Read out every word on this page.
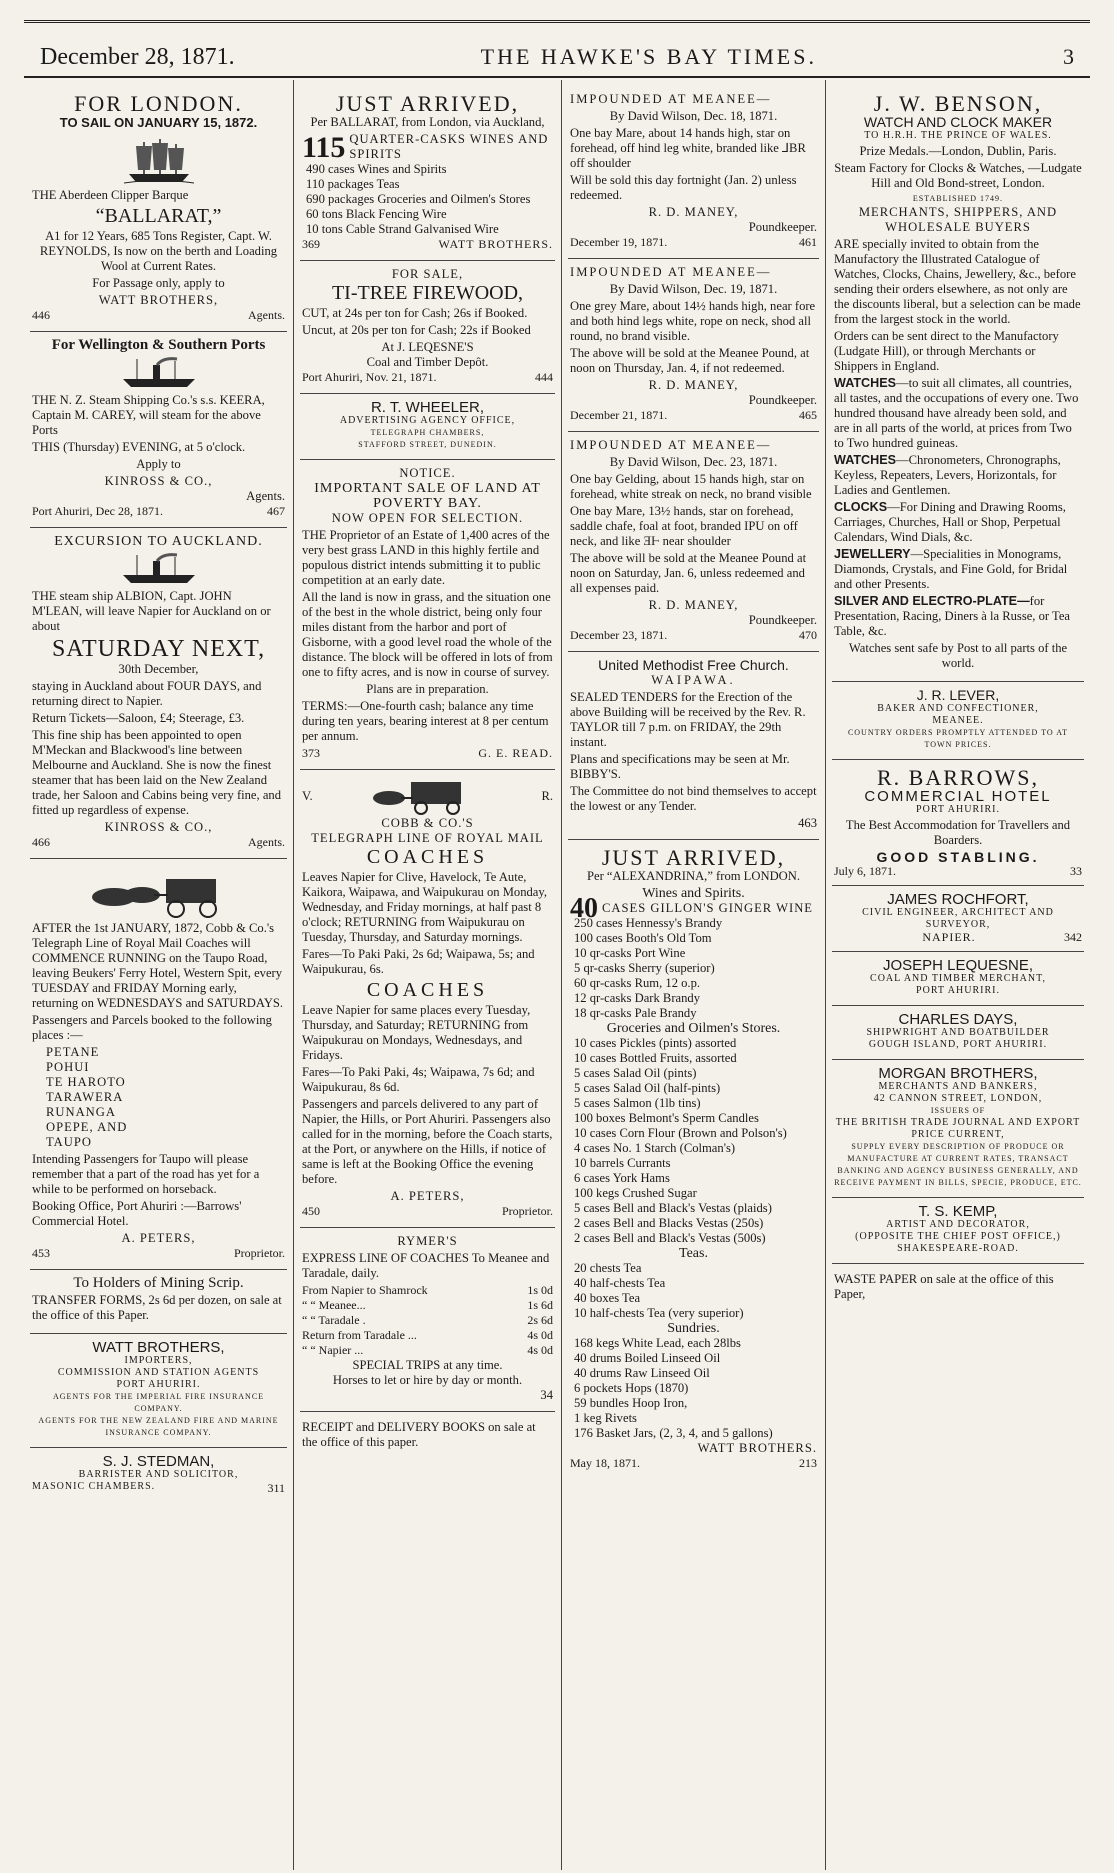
December 28, 1871.	THE HAWKE'S BAY TIMES.	3
FOR LONDON.
TO SAIL ON JANUARY 15, 1872.

THE Aberdeen Clipper Barque

“BALLARAT,”

A1 for 12 Years, 685 Tons Register, Capt. W. REYNOLDS, Is now on the berth and Loading Wool at Current Rates.

For Passage only, apply to

WATT BROTHERS,
446	Agents.
For Wellington & Southern Ports

THE N. Z. Steam Shipping Co.'s s.s. KEERA, Captain M. CAREY, will steam for the above Ports

THIS (Thursday) EVENING, at 5 o'clock.

Apply to

KINROSS & CO.,
Agents.
Port Ahuriri, Dec 28, 1871.	467
EXCURSION TO AUCKLAND.

THE steam ship ALBION, Capt. JOHN M'LEAN, will leave Napier for Auckland on or about

SATURDAY NEXT,
30th December,

staying in Auckland about FOUR DAYS, and returning direct to Napier.

Return Tickets—Saloon, £4; Steerage, £3.

This fine ship has been appointed to open M'Meckan and Blackwood's line between Melbourne and Auckland. She is now the finest steamer that has been laid on the New Zealand trade, her Saloon and Cabins being very fine, and fitted up regardless of expense.

KINROSS & CO.,
466	Agents.

AFTER the 1st JANUARY, 1872, Cobb & Co.'s Telegraph Line of Royal Mail Coaches will COMMENCE RUNNING on the Taupo Road, leaving Beukers' Ferry Hotel, Western Spit, every TUESDAY and FRIDAY Morning early, returning on WEDNESDAYS and SATURDAYS.

Passengers and Parcels booked to the following places :—

PETANE
POHUI
TE HAROTO
TARAWERA
RUNANGA
OPEPE, AND
TAUPO

Intending Passengers for Taupo will please remember that a part of the road has yet for a while to be performed on horseback.

Booking Office, Port Ahuriri :—Barrows' Commercial Hotel.

A. PETERS,
453	Proprietor.
To Holders of Mining Scrip.

TRANSFER FORMS, 2s 6d per dozen, on sale at the office of this Paper.

WATT BROTHERS,
IMPORTERS,
COMMISSION AND STATION AGENTS
PORT AHURIRI.
AGENTS FOR THE IMPERIAL FIRE INSURANCE COMPANY.
AGENTS FOR THE NEW ZEALAND FIRE AND MARINE INSURANCE COMPANY.
S. J. STEDMAN,
BARRISTER AND SOLICITOR,
MASONIC CHAMBERS.	311
JUST ARRIVED,

Per BALLARAT, from London, via Auckland,

115 QUARTER-CASKS WINES AND SPIRITS
490 cases Wines and Spirits
110 packages Teas
690 packages Groceries and Oilmen's Stores
60 tons Black Fencing Wire
10 tons Cable Strand Galvanised Wire
369	WATT BROTHERS.
FOR SALE,
TI-TREE FIREWOOD,

CUT, at 24s per ton for Cash; 26s if Booked.

Uncut, at 20s per ton for Cash; 22s if Booked

At J. LEQESNE'S
Coal and Timber Depôt.
Port Ahuriri, Nov. 21, 1871.	444
R. T. WHEELER,
ADVERTISING AGENCY OFFICE,
TELEGRAPH CHAMBERS,
STAFFORD STREET, DUNEDIN.
NOTICE.
IMPORTANT SALE OF LAND AT POVERTY BAY.
NOW OPEN FOR SELECTION.

THE Proprietor of an Estate of 1,400 acres of the very best grass LAND in this highly fertile and populous district intends submitting it to public competition at an early date.

All the land is now in grass, and the situation one of the best in the whole district, being only four miles distant from the harbor and port of Gisborne, with a good level road the whole of the distance. The block will be offered in lots of from one to fifty acres, and is now in course of survey.

Plans are in preparation.

TERMS:—One-fourth cash; balance any time during ten years, bearing interest at 8 per centum per annum.

373	G. E. READ.
V.	R.
COBB & CO.'S
TELEGRAPH LINE OF ROYAL MAIL
COACHES

Leaves Napier for Clive, Havelock, Te Aute, Kaikora, Waipawa, and Waipukurau on Monday, Wednesday, and Friday mornings, at half past 8 o'clock; RETURNING from Waipukurau on Tuesday, Thursday, and Saturday mornings.

Fares—To Paki Paki, 2s 6d; Waipawa, 5s; and Waipukurau, 6s.

COACHES

Leave Napier for same places every Tuesday, Thursday, and Saturday; RETURNING from Waipukurau on Mondays, Wednesdays, and Fridays.

Fares—To Paki Paki, 4s; Waipawa, 7s 6d; and Waipukurau, 8s 6d.

Passengers and parcels delivered to any part of Napier, the Hills, or Port Ahuriri. Passengers also called for in the morning, before the Coach starts, at the Port, or anywhere on the Hills, if notice of same is left at the Booking Office the evening before.

A. PETERS,
450	Proprietor.
RYMER'S

EXPRESS LINE OF COACHES To Meanee and Taradale, daily.

From Napier to Shamrock	1s 0d
“ “ Meanee...	1s 6d
“ “ Taradale .	2s 6d
Return from Taradale ...	4s 0d
“ “ Napier ...	4s 0d
SPECIAL TRIPS at any time.
Horses to let or hire by day or month.
34

RECEIPT and DELIVERY BOOKS on sale at the office of this paper.

IMPOUNDED AT MEANEE—

By David Wilson, Dec. 18, 1871.

One bay Mare, about 14 hands high, star on forehead, off hind leg white, branded like ⅃BR off shoulder

Will be sold this day fortnight (Jan. 2) unless redeemed.

R. D. MANEY,
Poundkeeper.
December 19, 1871.	461
IMPOUNDED AT MEANEE—

By David Wilson, Dec. 19, 1871.

One grey Mare, about 14½ hands high, near fore and both hind legs white, rope on neck, shod all round, no brand visible.

The above will be sold at the Meanee Pound, at noon on Thursday, Jan. 4, if not redeemed.

R. D. MANEY,
Poundkeeper.
December 21, 1871.	465
IMPOUNDED AT MEANEE—

By David Wilson, Dec. 23, 1871.

One bay Gelding, about 15 hands high, star on forehead, white streak on neck, no brand visible

One bay Mare, 13½ hands, star on forehead, saddle chafe, foal at foot, branded IPU on off neck, and like ƎⱵ near shoulder

The above will be sold at the Meanee Pound at noon on Saturday, Jan. 6, unless redeemed and all expenses paid.

R. D. MANEY,
Poundkeeper.
December 23, 1871.	470
United Methodist Free Church.
WAIPAWA.

SEALED TENDERS for the Erection of the above Building will be received by the Rev. R. TAYLOR till 7 p.m. on FRIDAY, the 29th instant.

Plans and specifications may be seen at Mr. BIBBY'S.

The Committee do not bind themselves to accept the lowest or any Tender.

463
JUST ARRIVED,

Per “ALEXANDRINA,” from LONDON.

Wines and Spirits.
40 CASES GILLON'S GINGER WINE
250 cases Hennessy's Brandy
100 cases Booth's Old Tom
10 qr-casks Port Wine
5 qr-casks Sherry (superior)
60 qr-casks Rum, 12 o.p.
12 qr-casks Dark Brandy
18 qr-casks Pale Brandy
Groceries and Oilmen's Stores.
10 cases Pickles (pints) assorted
10 cases Bottled Fruits, assorted
5 cases Salad Oil (pints)
5 cases Salad Oil (half-pints)
5 cases Salmon (1lb tins)
100 boxes Belmont's Sperm Candles
10 cases Corn Flour (Brown and Polson's)
4 cases No. 1 Starch (Colman's)
10 barrels Currants
6 cases York Hams
100 kegs Crushed Sugar
5 cases Bell and Black's Vestas (plaids)
2 cases Bell and Blacks Vestas (250s)
2 cases Bell and Black's Vestas (500s)
Teas.
20 chests Tea
40 half-chests Tea
40 boxes Tea
10 half-chests Tea (very superior)
Sundries.
168 kegs White Lead, each 28lbs
40 drums Boiled Linseed Oil
40 drums Raw Linseed Oil
6 pockets Hops (1870)
59 bundles Hoop Iron,
1 keg Rivets
176 Basket Jars, (2, 3, 4, and 5 gallons)
WATT BROTHERS.
May 18, 1871.	213
J. W. BENSON,
WATCH AND CLOCK MAKER
TO H.R.H. THE PRINCE OF WALES.

Prize Medals.—London, Dublin, Paris.

Steam Factory for Clocks & Watches, —Ludgate Hill and Old Bond-street, London.

ESTABLISHED 1749.
MERCHANTS, SHIPPERS, AND WHOLESALE BUYERS

ARE specially invited to obtain from the Manufactory the Illustrated Catalogue of Watches, Clocks, Chains, Jewellery, &c., before sending their orders elsewhere, as not only are the discounts liberal, but a selection can be made from the largest stock in the world.

Orders can be sent direct to the Manufactory (Ludgate Hill), or through Merchants or Shippers in England.

WATCHES—to suit all climates, all countries, all tastes, and the occupations of every one. Two hundred thousand have already been sold, and are in all parts of the world, at prices from Two to Two hundred guineas.

WATCHES—Chronometers, Chronographs, Keyless, Repeaters, Levers, Horizontals, for Ladies and Gentlemen.

CLOCKS—For Dining and Drawing Rooms, Carriages, Churches, Hall or Shop, Perpetual Calendars, Wind Dials, &c.

JEWELLERY—Specialities in Monograms, Diamonds, Crystals, and Fine Gold, for Bridal and other Presents.

SILVER AND ELECTRO-PLATE—for Presentation, Racing, Diners à la Russe, or Tea Table, &c.

Watches sent safe by Post to all parts of the world.

J. R. LEVER,
BAKER AND CONFECTIONER,
MEANEE.
COUNTRY ORDERS PROMPTLY ATTENDED TO AT TOWN PRICES.
R. BARROWS,
COMMERCIAL HOTEL
PORT AHURIRI.

The Best Accommodation for Travellers and Boarders.

GOOD STABLING.
July 6, 1871.	33
JAMES ROCHFORT,
CIVIL ENGINEER, ARCHITECT AND SURVEYOR,
NAPIER.	342
JOSEPH LEQUESNE,
COAL AND TIMBER MERCHANT,
PORT AHURIRI.
CHARLES DAYS,
SHIPWRIGHT AND BOATBUILDER
GOUGH ISLAND, PORT AHURIRI.
MORGAN BROTHERS,
MERCHANTS AND BANKERS,
42 CANNON STREET, LONDON,
ISSUERS OF
THE BRITISH TRADE JOURNAL AND EXPORT PRICE CURRENT,
SUPPLY EVERY DESCRIPTION OF PRODUCE OR MANUFACTURE AT CURRENT RATES, TRANSACT BANKING AND AGENCY BUSINESS GENERALLY, AND RECEIVE PAYMENT IN BILLS, SPECIE, PRODUCE, ETC.
T. S. KEMP,
ARTIST AND DECORATOR,
(OPPOSITE THE CHIEF POST OFFICE,)
SHAKESPEARE-ROAD.

WASTE PAPER on sale at the office of this Paper,
